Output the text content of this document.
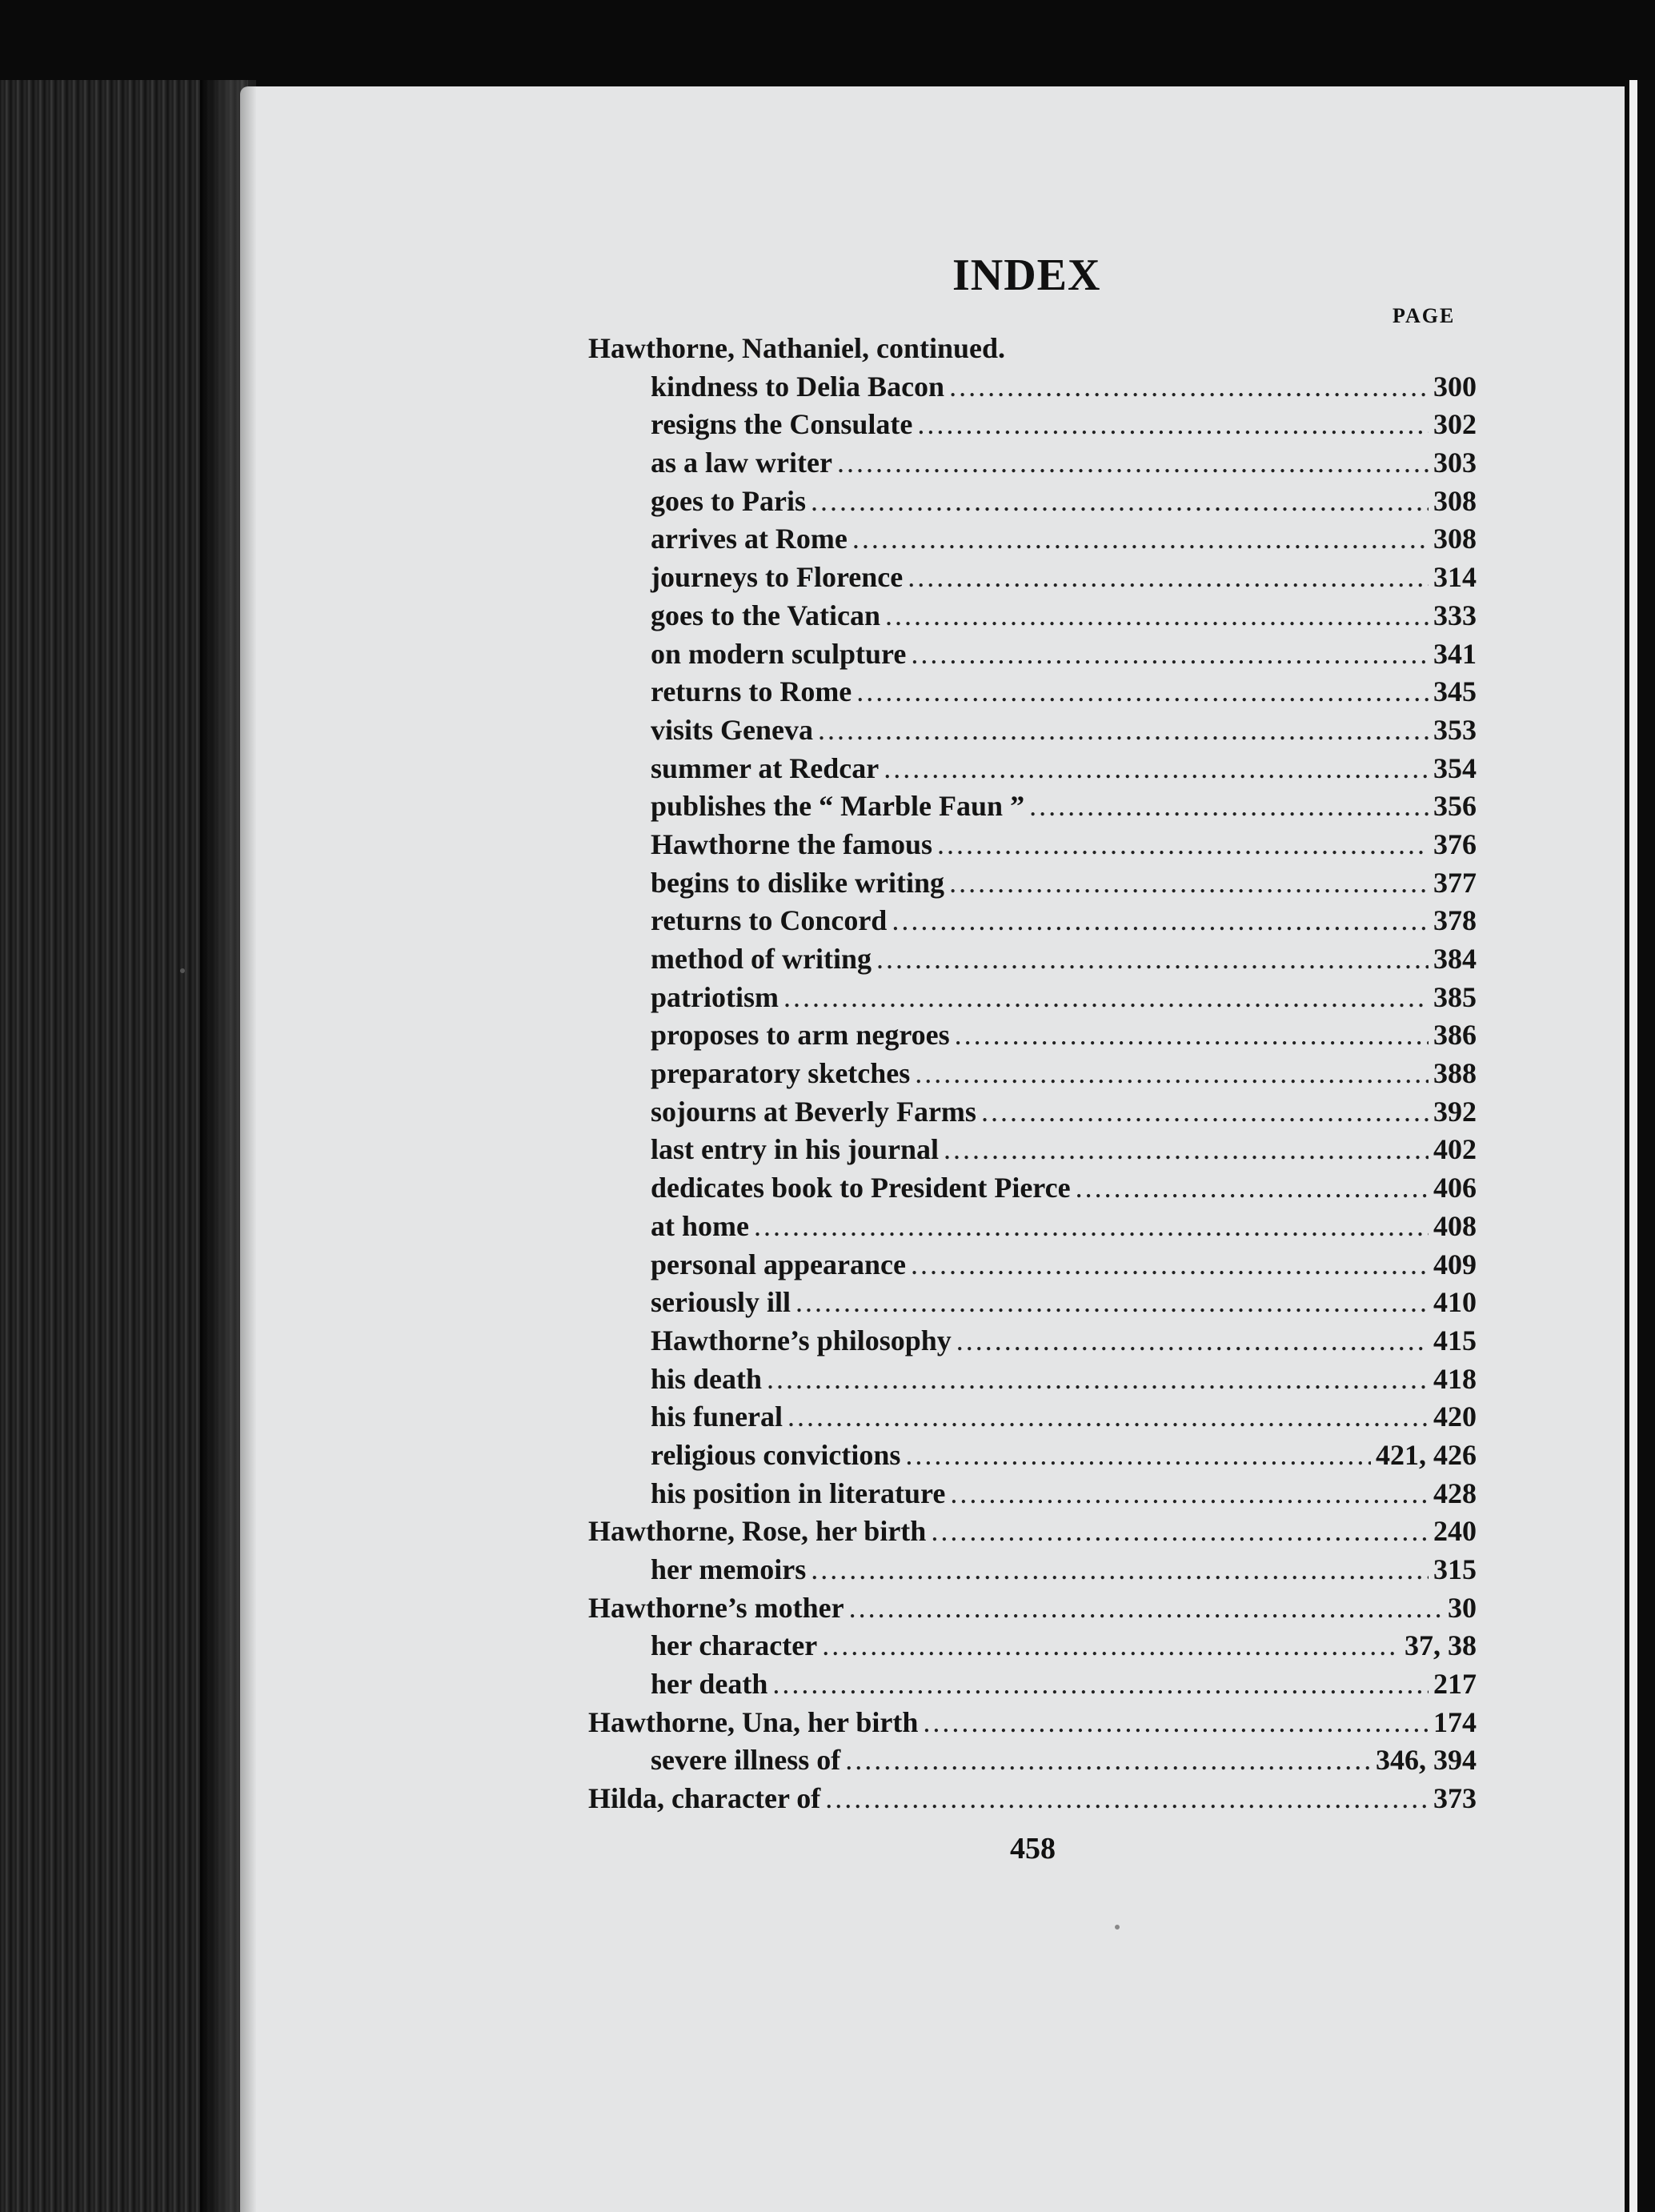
INDEX
PAGE
Hawthorne, Nathaniel, continued.
kindness to Delia Bacon .....	300
resigns the Consulate .....	302
as a law writer .....	303
goes to Paris .....	308
arrives at Rome .....	308
journeys to Florence .....	314
goes to the Vatican .....	333
on modern sculpture .....	341
returns to Rome .....	345
visits Geneva .....	353
summer at Redcar .....	354
publishes the “ Marble Faun ” .....	356
Hawthorne the famous .....	376
begins to dislike writing .....	377
returns to Concord .....	378
method of writing .....	384
patriotism .....	385
proposes to arm negroes .....	386
preparatory sketches .....	388
sojourns at Beverly Farms .....	392
last entry in his journal .....	402
dedicates book to President Pierce .....	406
at home .....	408
personal appearance .....	409
seriously ill .....	410
Hawthorne’s philosophy .....	415
his death .....	418
his funeral .....	420
religious convictions .....	421, 426
his position in literature .....	428
Hawthorne, Rose, her birth .....	240
her memoirs .....	315
Hawthorne’s mother .....	30
her character .....	37, 38
her death .....	217
Hawthorne, Una, her birth .....	174
severe illness of .....	346, 394
Hilda, character of .....	373
458
